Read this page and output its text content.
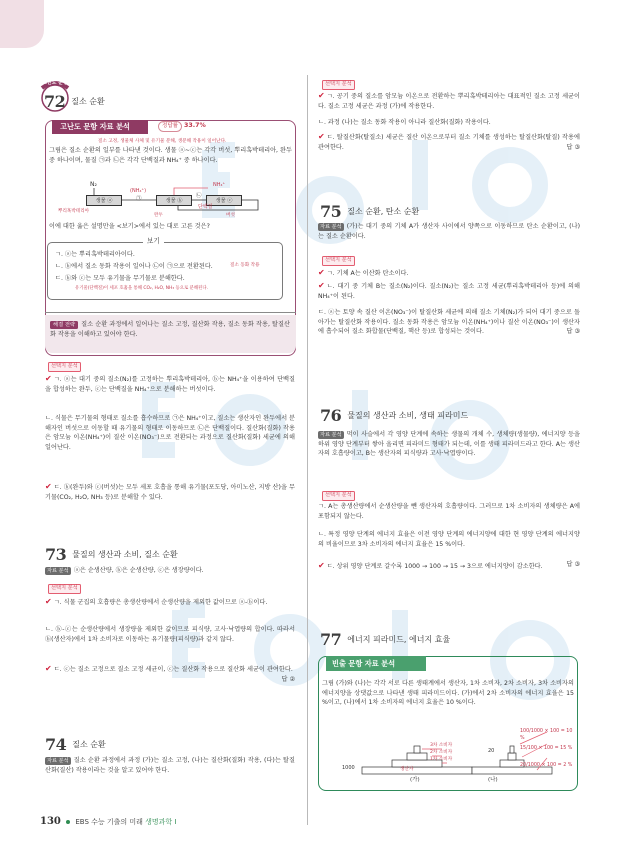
고난도 문항
72 질소 순환
고난도 문항 자료 분석	정답률 33.7%
질소 고정, 생물체 사체 및 유기물 분해, 생분해 작용이 일어난다.
그림은 질소 순환의 일부를 나타낸 것이다. 생물 ⓐ~ⓒ는 각각 버섯, 뿌리혹박테리아, 완두 중 하나이며, 물질 ㉠과 ㉡은 각각 단백질과 NH₄⁺ 중 하나이다.
N₂
생물 ⓐ	생물 ⓑ	생물 ⓒ
(NH₄⁺)
㉠	㉡
NH₄⁺
단백질
뿌리혹박테리아
완두	버섯
이에 대한 옳은 설명만을 <보기>에서 있는 대로 고른 것은?
보기
ㄱ. ⓐ는 뿌리혹박테리아이다.
ㄴ. ⓑ에서 질소 동화 작용이 일어나 ㉡이 ㉠으로 전환된다.
ㄷ. ⓑ와 ⓒ는 모두 유기물을 무기물로 분해한다.
질소 동화 작용
유기물(단백질)이 세포 호흡을 통해 CO₂, H₂O, NH₃ 등으로 분해된다.
해결 전략 질소 순환 과정에서 일어나는 질소 고정, 질산화 작용, 질소 동화 작용, 탈질산화 작용을 이해하고 있어야 한다.
선택지 분석
✔ ㄱ. ⓐ는 대기 중의 질소(N₂)를 고정하는 뿌리혹박테리아, ⓑ는 NH₄⁺을 이용하여 단백질을 합성하는 완두, ⓒ는 단백질을 NH₄⁺으로 분해하는 버섯이다.
ㄴ. 식물은 무기물의 형태로 질소를 흡수하므로 ㉠은 NH₄⁺이고, 질소는 생산자인 완두에서 분해자인 버섯으로 이동할 때 유기물의 형태로 이동하므로 ㉡은 단백질이다. 질산화(질화) 작용은 암모늄 이온(NH₄⁺)이 질산 이온(NO₃⁻)으로 전환되는 과정으로 질산화(질화) 세균에 의해 일어난다.
✔ ㄷ. ⓑ(완두)와 ⓒ(버섯)는 모두 세포 호흡을 통해 유기물(포도당, 아미노산, 지방 산)을 무기물(CO₂, H₂O, NH₃ 등)로 분해할 수 있다.
73 물질의 생산과 소비, 질소 순환
자료 분석 ⓐ은 순생산량, ⓑ은 순생산량, ⓒ은 생장량이다.
선택지 분석
✔ ㄱ. 식물 군집의 호흡량은 총생산량에서 순생산량을 제외한 값이므로 ⓐ-ⓑ이다.
ㄴ. ⓑ-ⓒ는 순생산량에서 생장량을 제외한 값이므로 피식량, 고사·낙엽량의 합이다. 따라서 ⓑ(생산자)에서 1차 소비자로 이동하는 유기물량(피식량)과 같지 않다.
✔ ㄷ. ⓒ는 질소 고정으로 질소 고정 세균이, ⓒ는 질산화 작용으로 질산화 세균이 관여한다.
답 ②
74 질소 순환
자료 분석 질소 순환 과정에서 과정 (가)는 질소 고정, (나)는 질산화(질화) 작용, (다)는 탈질산화(질산) 작용이라는 것을 알고 있어야 한다.
선택지 분석
✔ ㄱ. 공기 중의 질소를 암모늄 이온으로 전환하는 뿌리혹박테리아는 대표적인 질소 고정 세균이다. 질소 고정 세균은 과정 (가)에 작용한다.
ㄴ. 과정 (나)는 질소 동화 작용이 아니라 질산화(질화) 작용이다.
✔ ㄷ. 탈질산화(탈질소) 세균은 질산 이온으로부터 질소 기체를 생성하는 탈질산화(탈질) 작용에 관여한다.	답 ③
75 질소 순환, 탄소 순환
자료 분석 (가)는 대기 중의 기체 A가 생산자 사이에서 양쪽으로 이동하므로 탄소 순환이고, (나)는 질소 순환이다.
선택지 분석
✔ ㄱ. 기체 A는 이산화 탄소이다.
✔ ㄴ. 대기 중 기체 B는 질소(N₂)이다. 질소(N₂)는 질소 고정 세균(뿌리혹박테리아 등)에 의해 NH₄⁺이 된다.
ㄷ. ⓐ는 토양 속 질산 이온(NO₃⁻)이 탈질산화 세균에 의해 질소 기체(N₂)가 되어 대기 중으로 돌아가는 탈질산화 작용이다. 질소 동화 작용은 암모늄 이온(NH₄⁺)이나 질산 이온(NO₃⁻)이 생산자에 흡수되어 질소 화합물(단백질, 핵산 등)로 합성되는 것이다.	답 ③
76 물질의 생산과 소비, 생태 피라미드
자료 분석 먹이 사슬에서 각 영양 단계에 속하는 생물의 개체 수, 생체량(생물량), 에너지양 등을 하위 영양 단계부터 쌓아 올리면 피라미드 형태가 되는데, 이를 생태 피라미드라고 한다. A는 생산자의 호흡량이고, B는 생산자의 피식량과 고사·낙엽량이다.
선택지 분석
ㄱ. A는 총생산량에서 순생산량을 뺀 생산자의 호흡량이다. 그러므로 1차 소비자의 생체량은 A에 포함되지 않는다.
ㄴ. 특정 영양 단계의 에너지 효율은 이전 영양 단계의 에너지양에 대한 현 영양 단계의 에너지양의 비율이므로 3차 소비자의 에너지 효율은 15 %이다.
✔ ㄷ. 상위 영양 단계로 갈수록 1000 → 100 → 15 → 3으로 에너지양이 감소한다.	답 ③
77 에너지 피라미드, 에너지 효율
빈출 문항 자료 분석
그림 (가)와 (나)는 각각 서로 다른 생태계에서 생산자, 1차 소비자, 2차 소비자, 3차 소비자의 에너지양을 상댓값으로 나타낸 생태 피라미드이다. (가)에서 2차 소비자의 에너지 효율은 15 %이고, (나)에서 1차 소비자의 에너지 효율은 10 %이다.
3차 소비자
2차 소비자
1차 소비자
생산자
1000
20
(가)	(나)
100/1000 × 100 = 10 %
15/100 × 100 = 15 %
20/1000 × 100 = 2 %
130 EBS 수능 기출의 미래 생명과학 I
